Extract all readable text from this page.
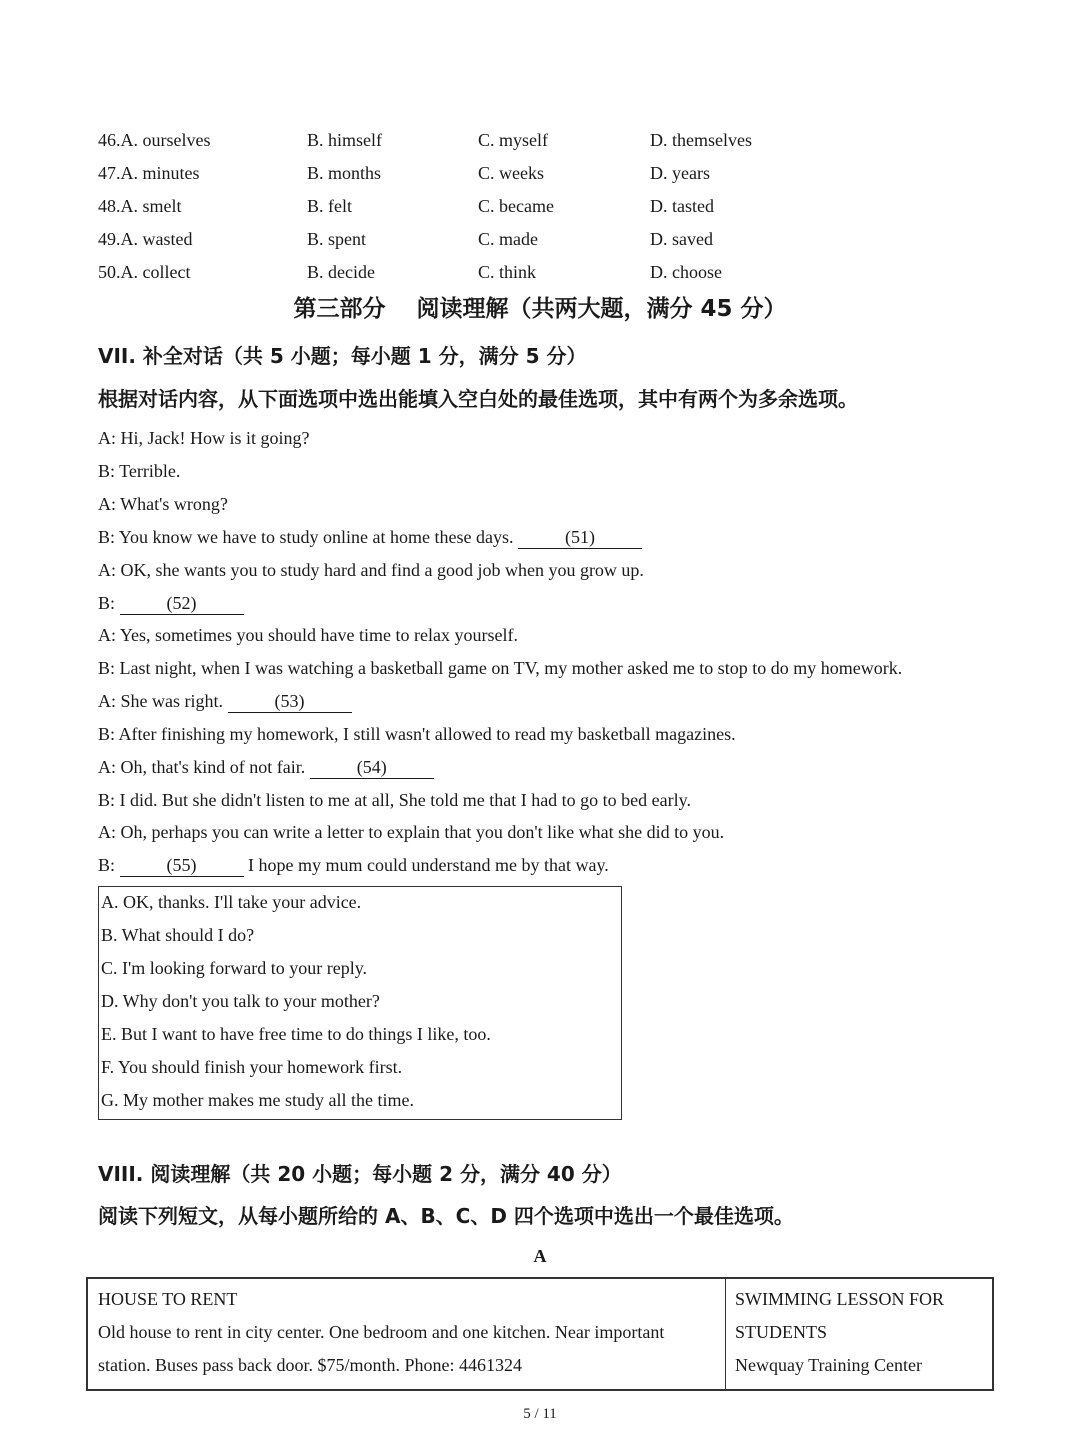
46.A. ourselves	B. himself	C. myself	D. themselves
47.A. minutes	B. months	C. weeks	D. years
48.A. smelt	B. felt	C. became	D. tasted
49.A. wasted	B. spent	C. made	D. saved
50.A. collect	B. decide	C. think	D. choose
第三部分　 阅读理解（共两大题，满分 45 分）
VII. 补全对话（共 5 小题；每小题 1 分，满分 5 分）
根据对话内容，从下面选项中选出能填入空白处的最佳选项，其中有两个为多余选项。
A: Hi, Jack! How is it going?
B: Terrible.
A: What's wrong?
B: You know we have to study online at home these days.	(51)
A: OK, she wants you to study hard and find a good job when you grow up.
B:	(52)
A: Yes, sometimes you should have time to relax yourself.
B: Last night, when I was watching a basketball game on TV, my mother asked me to stop to do my homework.
A: She was right.	(53)
B: After finishing my homework, I still wasn't allowed to read my basketball magazines.
A: Oh, that's kind of not fair.	(54)
B: I did. But she didn't listen to me at all, She told me that I had to go to bed early.
A: Oh, perhaps you can write a letter to explain that you don't like what she did to you.
B:	(55)	I hope my mum could understand me by that way.
A. OK, thanks. I'll take your advice.
B. What should I do?
C. I'm looking forward to your reply.
D. Why don't you talk to your mother?
E. But I want to have free time to do things I like, too.
F. You should finish your homework first.
G. My mother makes me study all the time.
VIII. 阅读理解（共 20 小题；每小题 2 分，满分 40 分）
阅读下列短文，从每小题所给的 A、B、C、D 四个选项中选出一个最佳选项。
A
HOUSE TO RENT
Old house to rent in city center. One bedroom and one kitchen. Near important
station. Buses pass back door. $75/month. Phone: 4461324
SWIMMING LESSON FOR
STUDENTS
Newquay Training Center
5 / 11
